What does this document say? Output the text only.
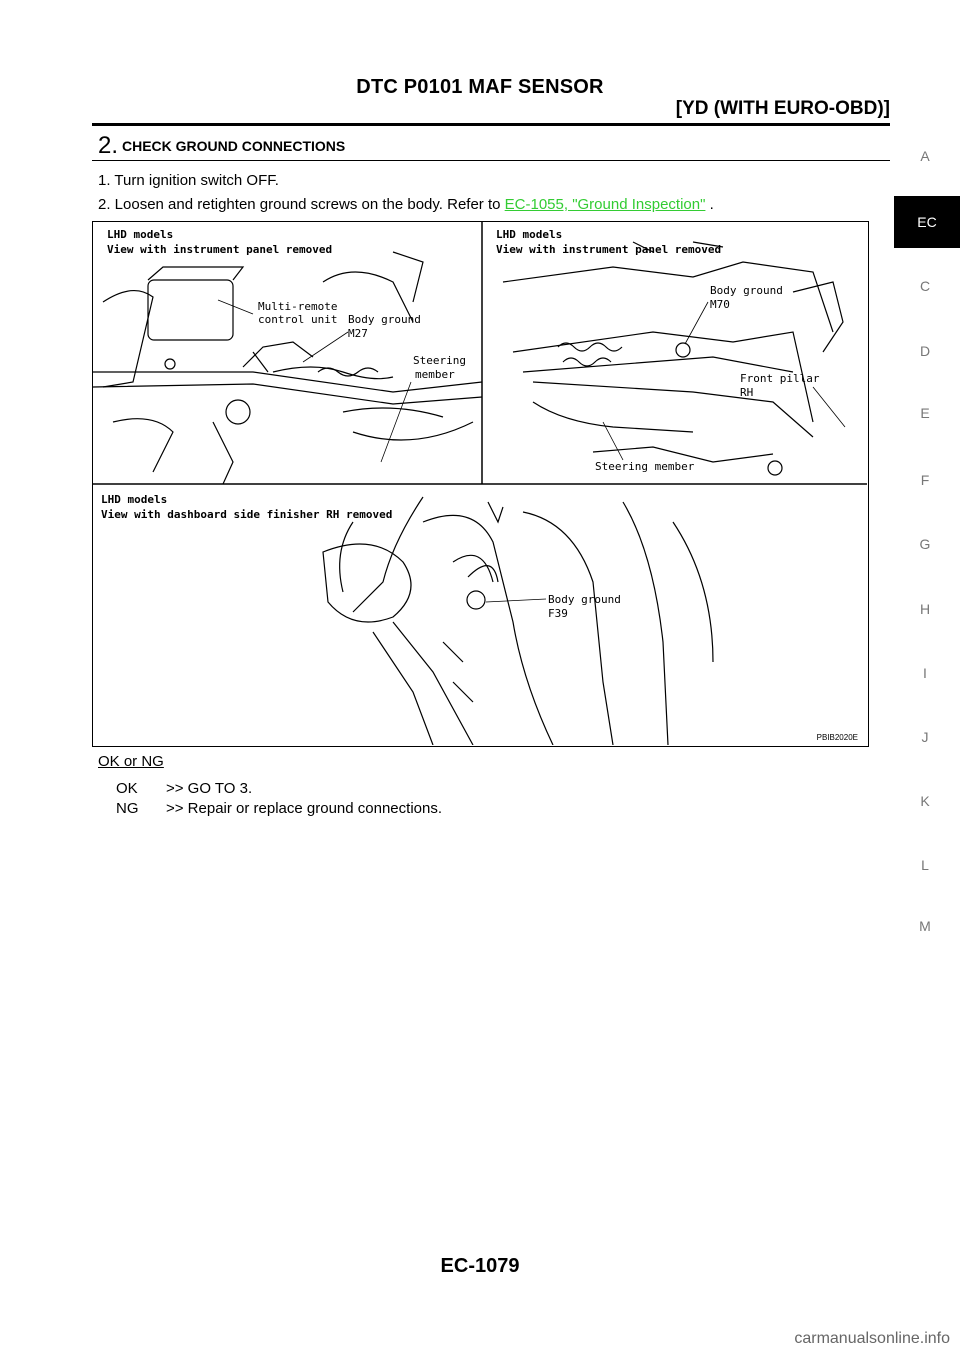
DTC P0101 MAF SENSOR
[YD (WITH EURO-OBD)]
2. CHECK GROUND CONNECTIONS
1. Turn ignition switch OFF.
2. Loosen and retighten ground screws on the body. Refer to EC-1055, "Ground Inspection" .
LHD models
View with instrument panel removed
Multi-remote
control unit Body ground
M27
Steering
member
LHD models
View with instrument panel removed
Body ground
M70
Front pillar
RH
Steering member
LHD models
View with dashboard side finisher RH removed
Body ground
F39
PBIB2020E
OK or NG
OK >> GO TO 3.
NG >> Repair or replace ground connections.
A
EC
C
D
E
F
G
H
I
J
K
L
M
EC-1079
carmanualsonline.info
